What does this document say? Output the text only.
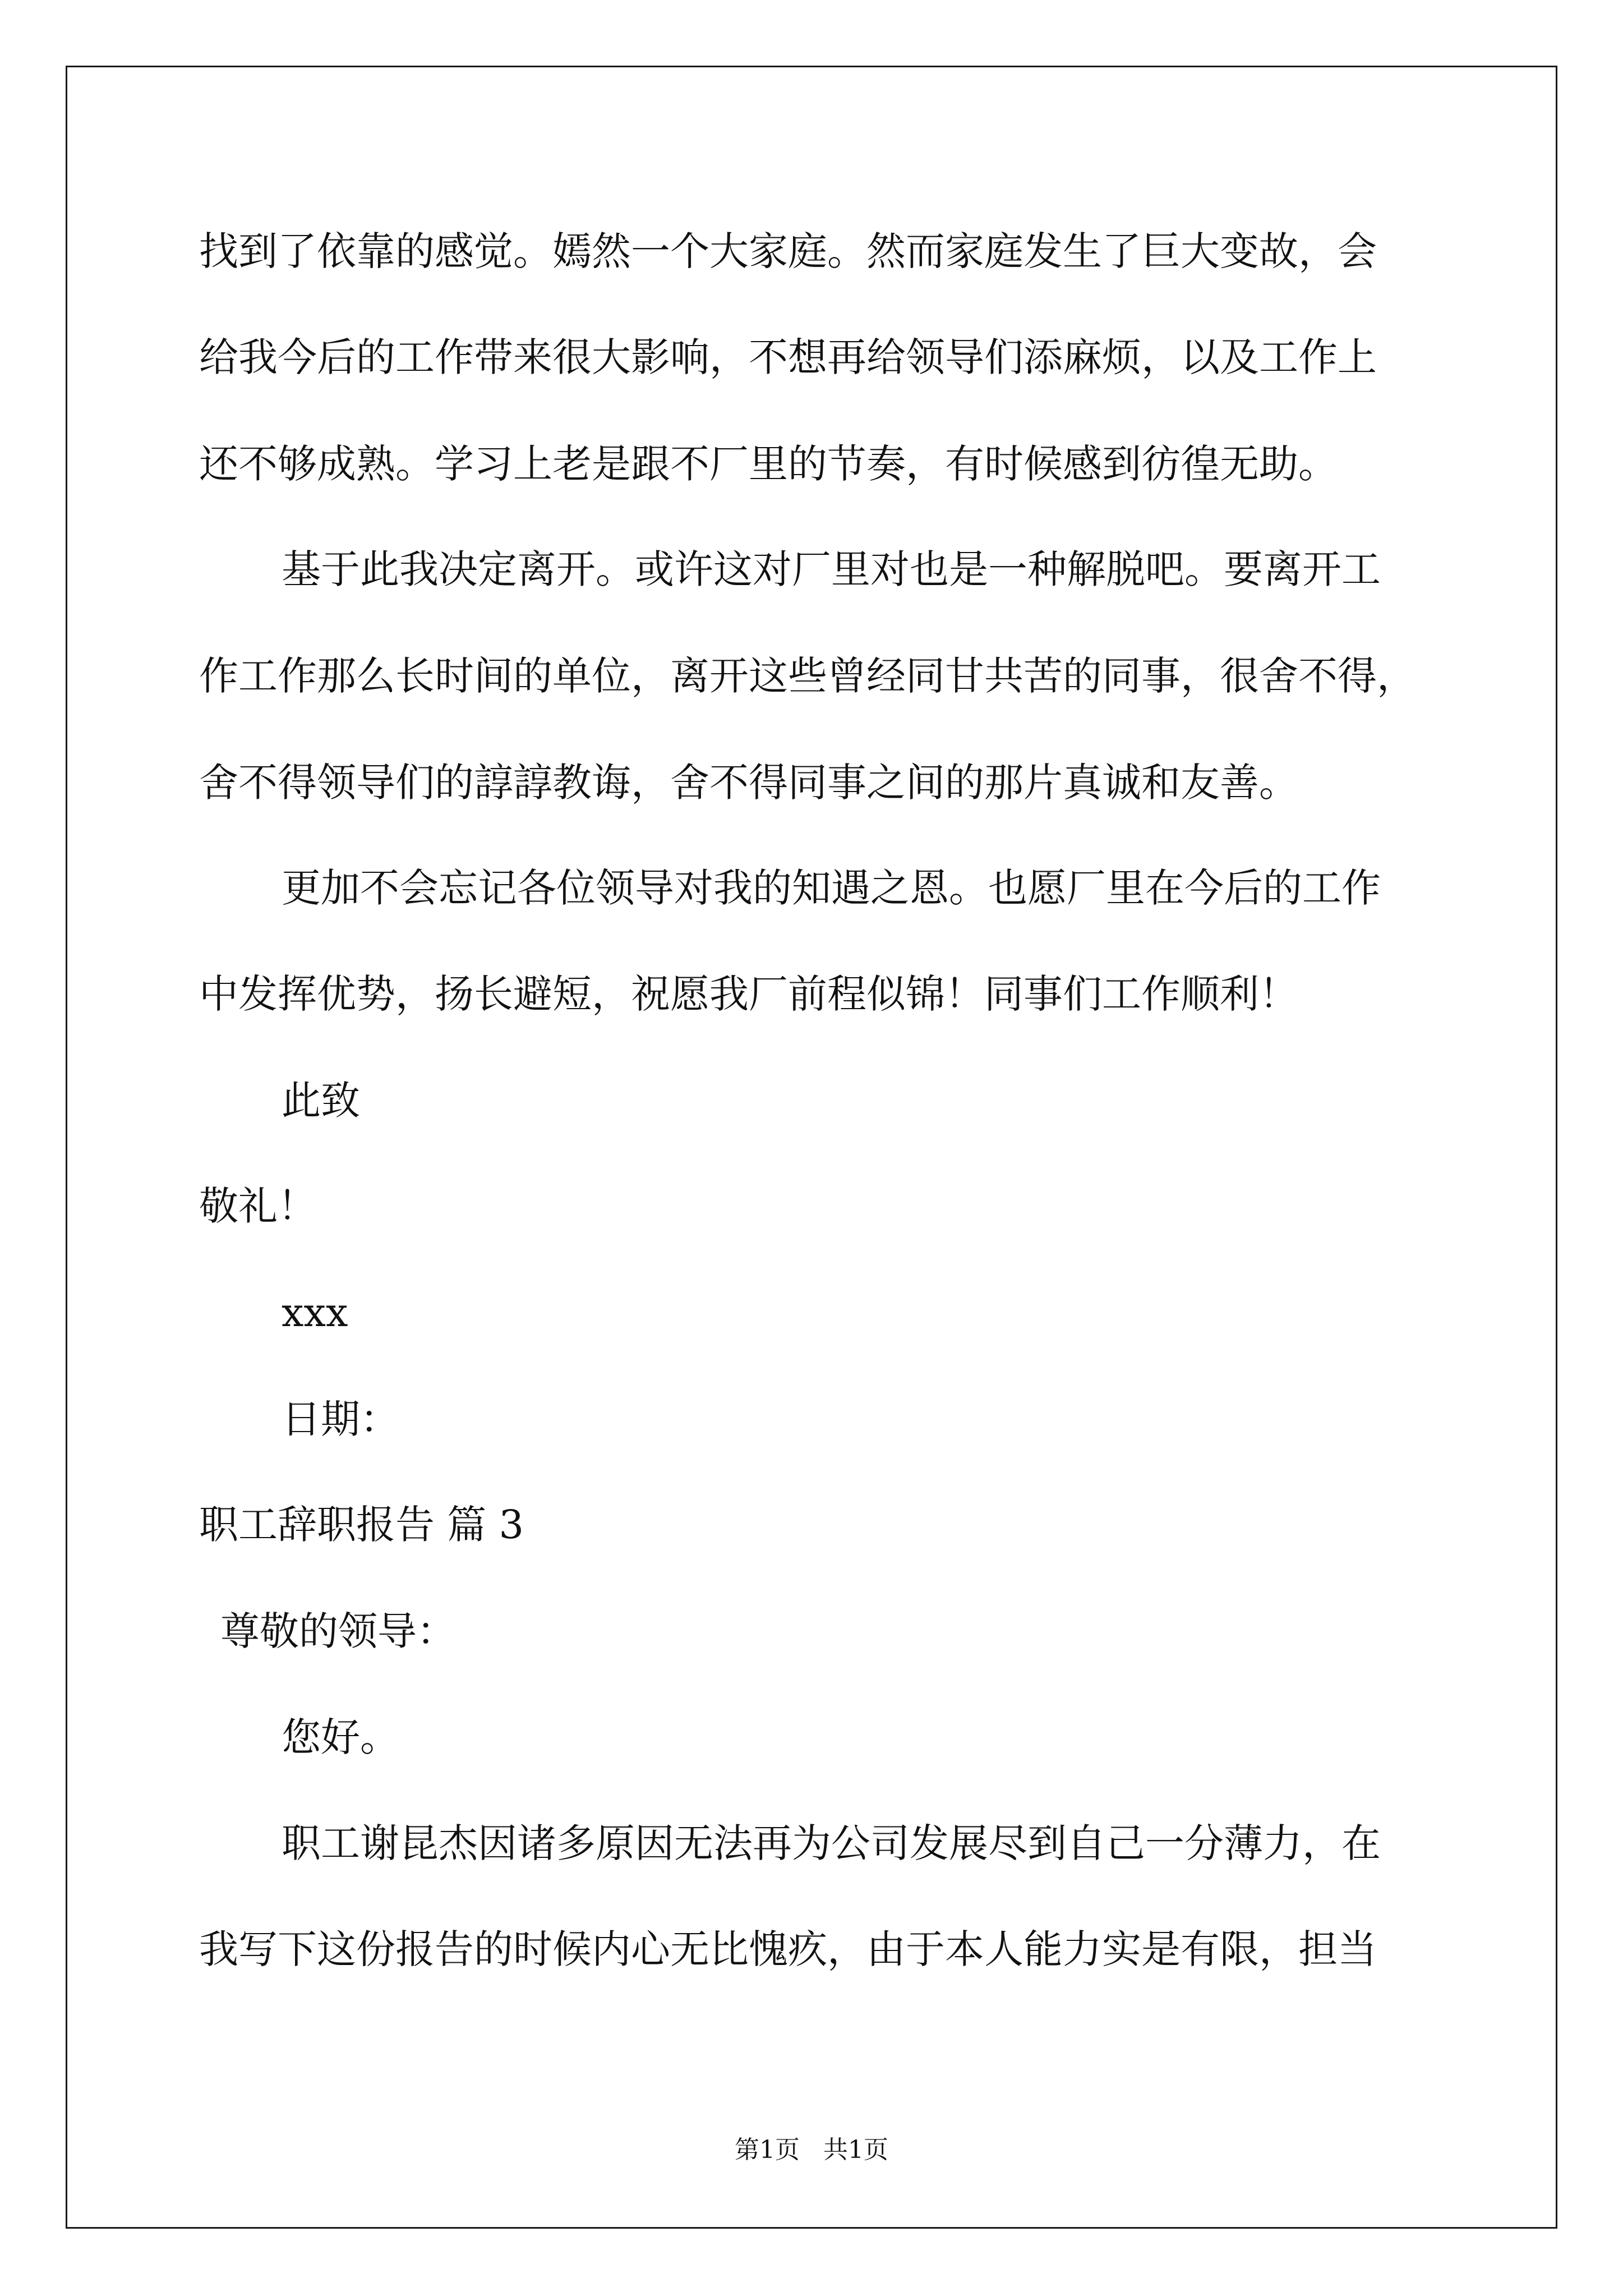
找到了依靠的感觉。嫣然一个大家庭。然而家庭发生了巨大变故，会
给我今后的工作带来很大影响，不想再给领导们添麻烦，以及工作上
还不够成熟。学习上老是跟不厂里的节奏，有时候感到彷徨无助。
基于此我决定离开。或许这对厂里对也是一种解脱吧。要离开工
作工作那么长时间的单位，离开这些曾经同甘共苦的同事，很舍不得，
舍不得领导们的諄諄教诲，舍不得同事之间的那片真诚和友善。
更加不会忘记各位领导对我的知遇之恩。也愿厂里在今后的工作
中发挥优势，扬长避短，祝愿我厂前程似锦！同事们工作顺利！
此致
敬礼！
xxx
日期：
职工辞职报告 篇 3
尊敬的领导：
您好。
职工谢昆杰因诸多原因无法再为公司发展尽到自己一分薄力，在
我写下这份报告的时候内心无比愧疚，由于本人能力实是有限，担当
第1页   共1页
